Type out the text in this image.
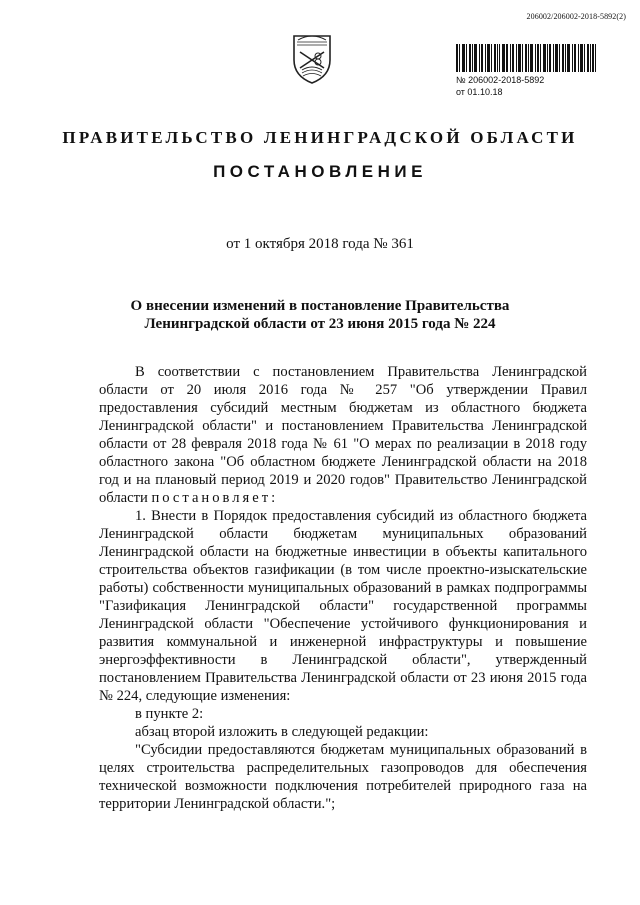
206002/206002-2018-5892(2)
№ 206002-2018-5892
от 01.10.18
ПРАВИТЕЛЬСТВО ЛЕНИНГРАДСКОЙ ОБЛАСТИ
ПОСТАНОВЛЕНИЕ
от 1 октября 2018 года № 361
О внесении изменений в постановление Правительства
Ленинградской области от 23 июня 2015 года № 224

В соответствии с постановлением Правительства Ленинградской области от 20 июля 2016 года № 257 "Об утверждении Правил предоставления субсидий местным бюджетам из областного бюджета Ленинградской области" и постановлением Правительства Ленинградской области от 28 февраля 2018 года № 61 "О мерах по реализации в 2018 году областного закона "Об областном бюджете Ленинградской области на 2018 год и на плановый период 2019 и 2020 годов" Правительство Ленинградской области постановляет:

1. Внести в Порядок предоставления субсидий из областного бюджета Ленинградской области бюджетам муниципальных образований Ленинградской области на бюджетные инвестиции в объекты капитального строительства объектов газификации (в том числе проектно-изыскательские работы) собственности муниципальных образований в рамках подпрограммы "Газификация Ленинградской области" государственной программы Ленинградской области "Обеспечение устойчивого функционирования и развития коммунальной и инженерной инфраструктуры и повышение энергоэффективности в Ленинградской области", утвержденный постановлением Правительства Ленинградской области от 23 июня 2015 года № 224, следующие изменения:

в пункте 2:

абзац второй изложить в следующей редакции:

"Субсидии предоставляются бюджетам муниципальных образований в целях строительства распределительных газопроводов для обеспечения технической возможности подключения потребителей природного газа на территории Ленинградской области.";
